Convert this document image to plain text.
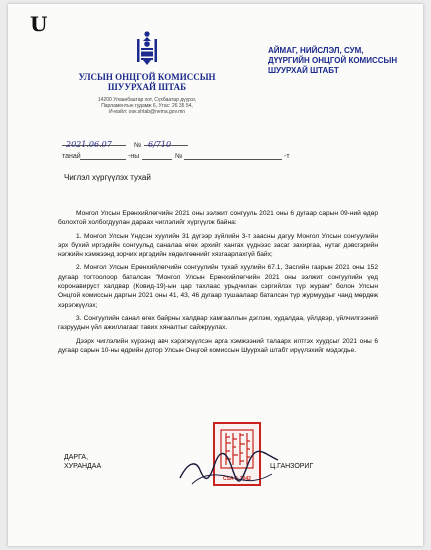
U
УЛСЫН ОНЦГОЙ КОМИССЫН
ШУУРХАЙ ШТАБ
14200 Улаанбаатар хот, Сүхбаатар дүүрэг,
Парламентын гудамж 6, Утас: 26 35 54,
И-мэйл: ooк.shtab@nema.gov.mn
АЙМАГ, НИЙСЛЭЛ, СУМ,
ДҮҮРГИЙН ОНЦГОЙ КОМИССЫН
ШУУРХАЙ ШТАБТ
2021.06.07	№ 6/710
танай	-ны	№	-т
Чиглэл хүргүүлэх тухай

Монгол Улсын Ерөнхийлөгчийн 2021 оны ээлжит сонгууль 2021 оны 6 дугаар сарын 09-ний өдөр болохтой холбогдуулан дараах чиглэлийг хүргүүлж байна:

1. Монгол Улсын Үндсэн хуулийн 31 дүгээр зүйлийн 3-т заасны дагуу Монгол Улсын сонгуулийн эрх бүхий иргэдийн сонгуульд саналаа өгөх эрхийг хангах үүднээс засаг захиргаа, нутаг дэвсгэрийн нэгжийн хэмжээнд зорчих иргэдийн хөдөлгөөнийг хязгаарлахгүй байх;

2. Монгол Улсын Ерөнхийлөгчийн сонгуулийн тухай хуулийн 67.1, Засгийн газрын 2021 оны 152 дугаар тогтоолоор баталсан "Монгол Улсын Ерөнхийлөгчийн 2021 оны ээлжит сонгуулийн үед коронавируст халдвар (Ковид-19)-ын цар тахлаас урьдчилан сэргийлэх түр журам" болон Улсын Онцгой комиссын даргын 2021 оны 41, 43, 46 дугаар тушаалаар баталсан түр журмуудыг чанд мөрдөж хэрэгжүүлэх;

3. Сонгуулийн санал өгөх байрны халдвар хамгааллын дэглэм, худалдаа, үйлдвэр, үйлчилгээний газруудын үйл ажиллагааг тавих хяналтыг сайжруулах.

Дээрх чиглэлийн хүрээнд авч хэрэгжүүлсэн арга хэмжээний талаарх илтгэх хуудсыг 2021 оны 6 дугаар сарын 10-ны өдрийн дотор Улсын Онцгой комиссын Шуурхай штабт ирүүлэхийг мэдэгдье.

CSA & 2042
ДАРГА,
ХУРАНДАА	Ц.ГАНЗОРИГ
